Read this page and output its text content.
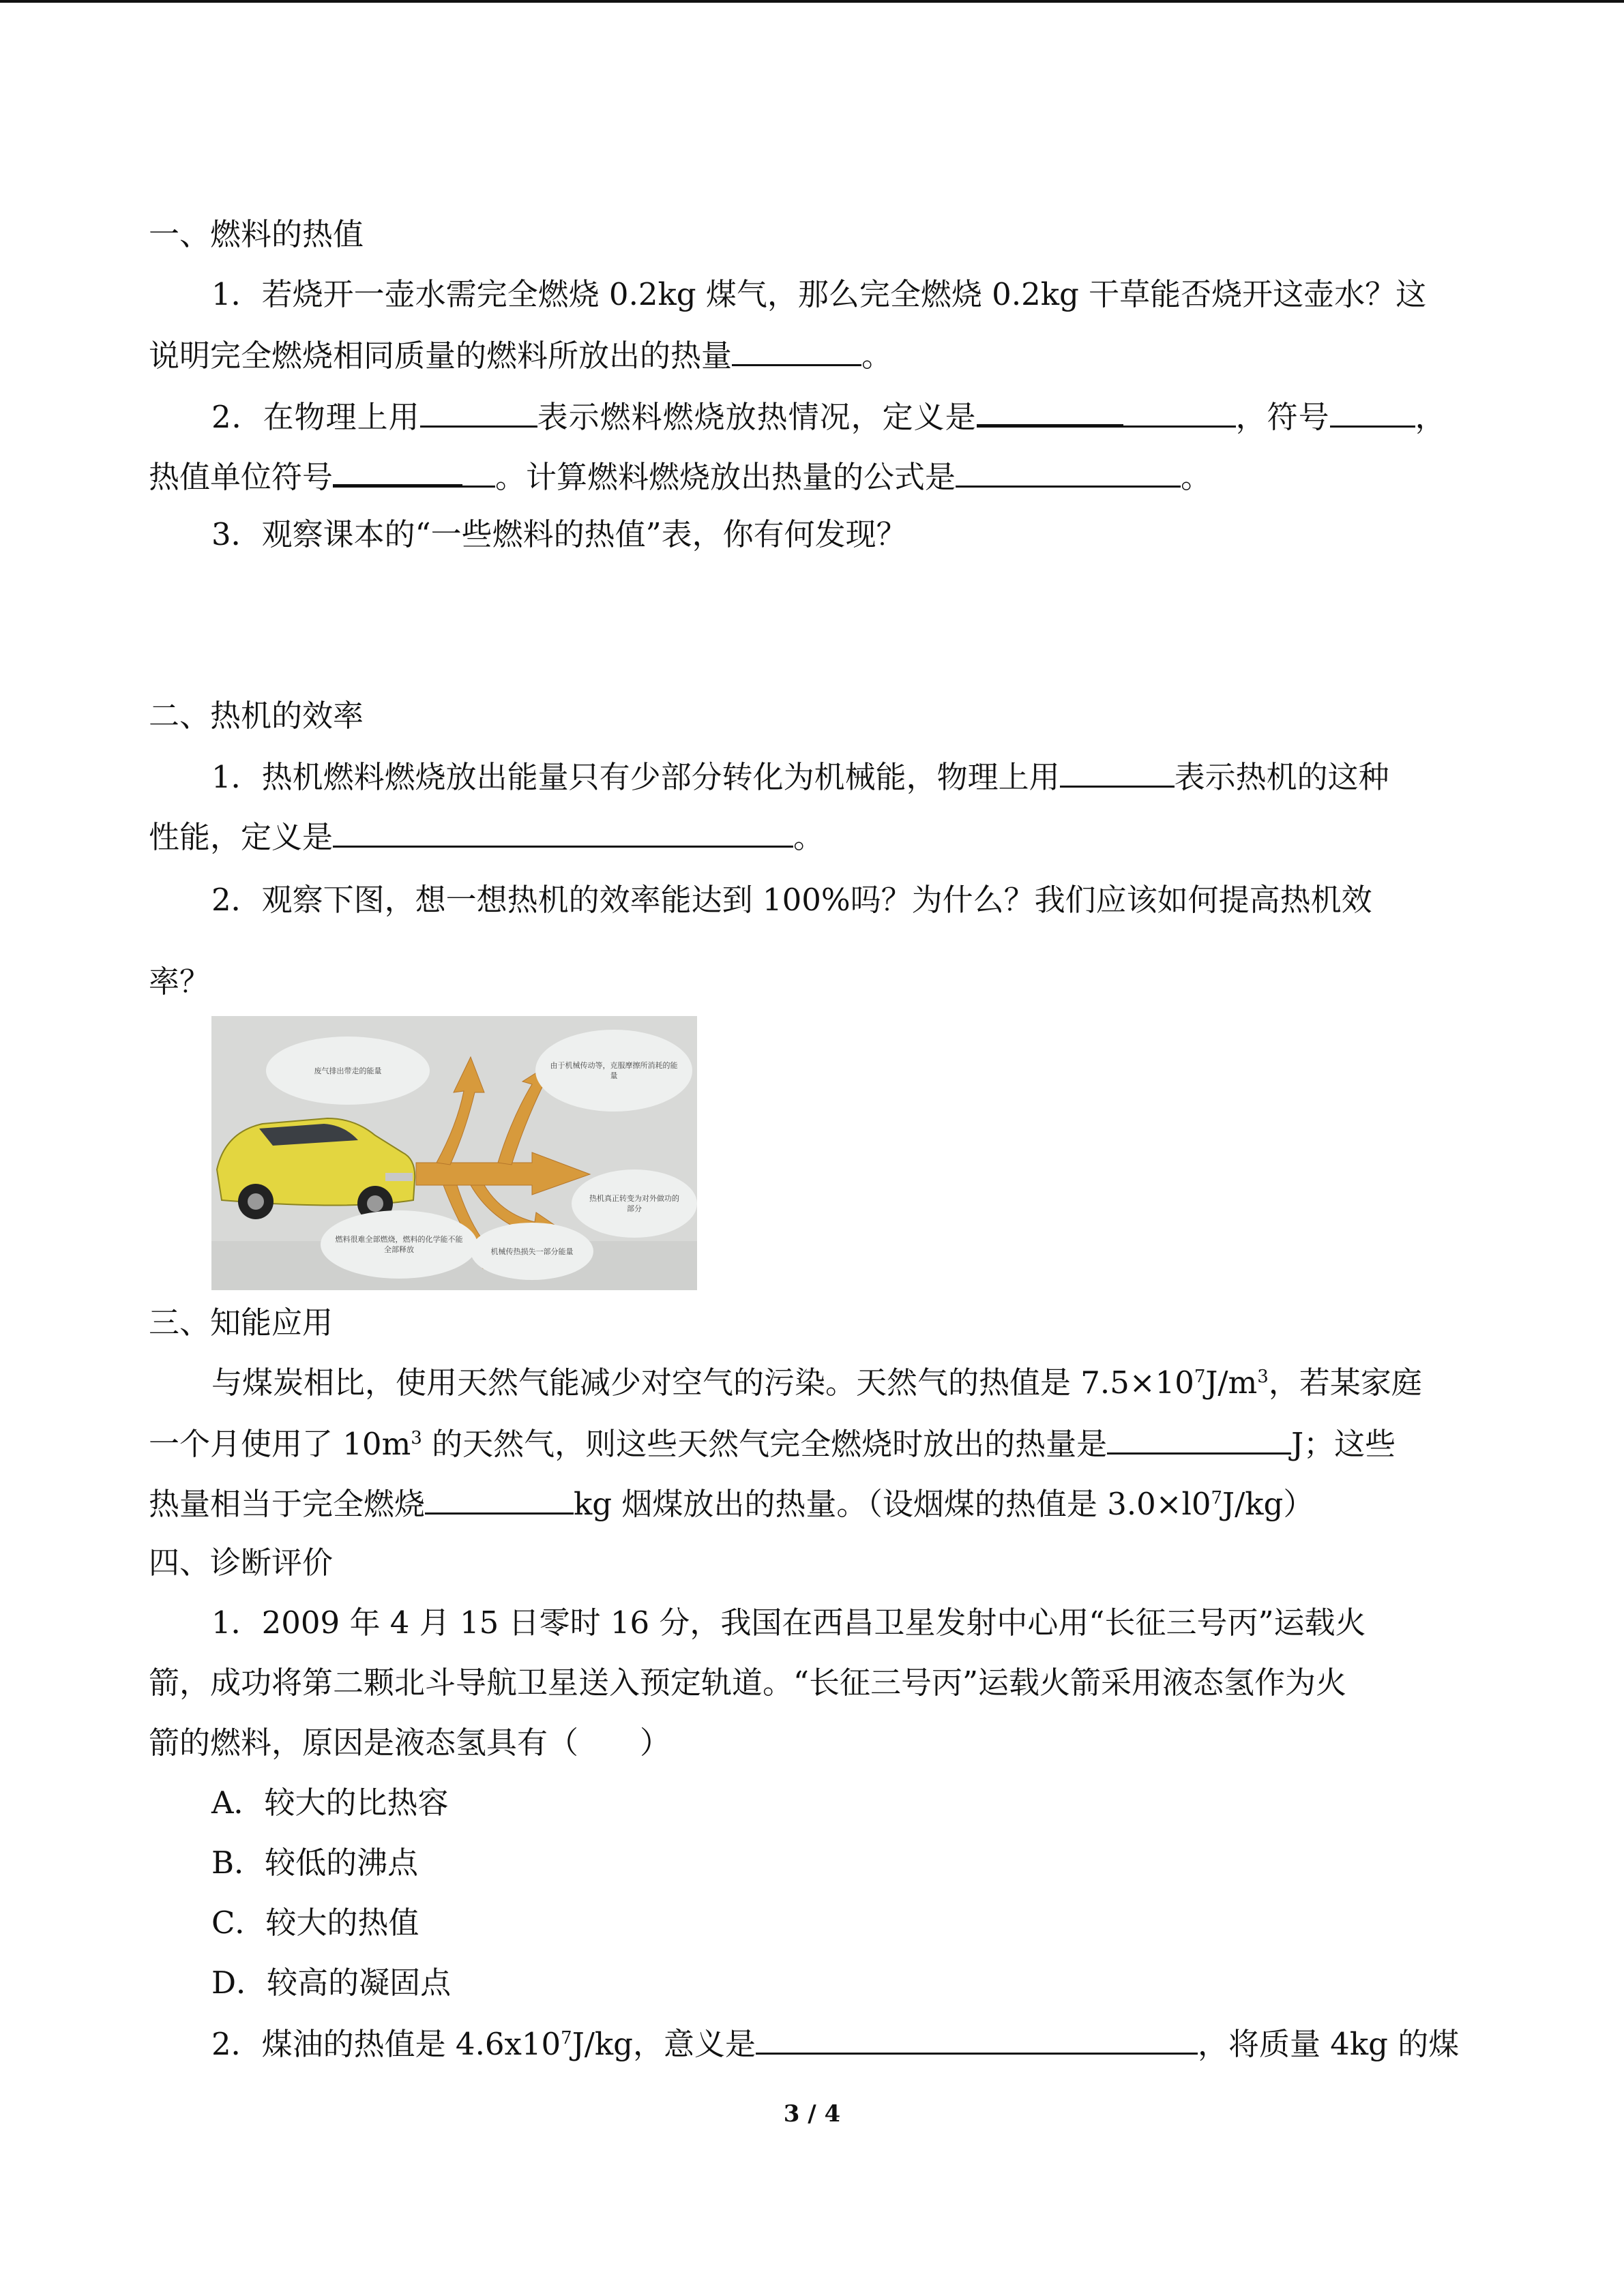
一、燃料的热值
1．若烧开一壶水需完全燃烧 0.2kg 煤气，那么完全燃烧 0.2kg 干草能否烧开这壶水？这
说明完全燃烧相同质量的燃料所放出的热量	。
2．在物理上用	表示燃料燃烧放热情况，定义是	，符号	，
热值单位符号	。计算燃料燃烧放出热量的公式是	。
3．观察课本的“一些燃料的热值”表，你有何发现？
二、热机的效率
1．热机燃料燃烧放出能量只有少部分转化为机械能，物理上用	表示热机的这种
性能，定义是	。
2．观察下图，想一想热机的效率能达到 100%吗？为什么？我们应该如何提高热机效
率？
废气排出带走的能量
由于机械传动等，克服摩擦所消耗的能量
热机真正转变为对外做功的部分
机械传热损失一部分能量
燃料很难全部燃烧，燃料的化学能不能全部释放
三、知能应用
与煤炭相比，使用天然气能减少对空气的污染。天然气的热值是 $7.5\times 10^7J/m^3$，若某家庭
一个月使用了 $10m^3$ 的天然气，则这些天然气完全燃烧时放出的热量是	J；这些
热量相当于完全燃烧	kg 烟煤放出的热量。（设烟煤的热值是 $3.0\times l0^7J/kg$）
四、诊断评价
1．2009 年 4 月 15 日零时 16 分，我国在西昌卫星发射中心用“长征三号丙”运载火
箭，成功将第二颗北斗导航卫星送入预定轨道。“长征三号丙”运载火箭采用液态氢作为火
箭的燃料，原因是液态氢具有（　　）
A．较大的比热容
B．较低的沸点
C．较大的热值
D．较高的凝固点
2．煤油的热值是 $4.6x10^7J/kg$，意义是	，将质量 4kg 的煤
3 / 4
